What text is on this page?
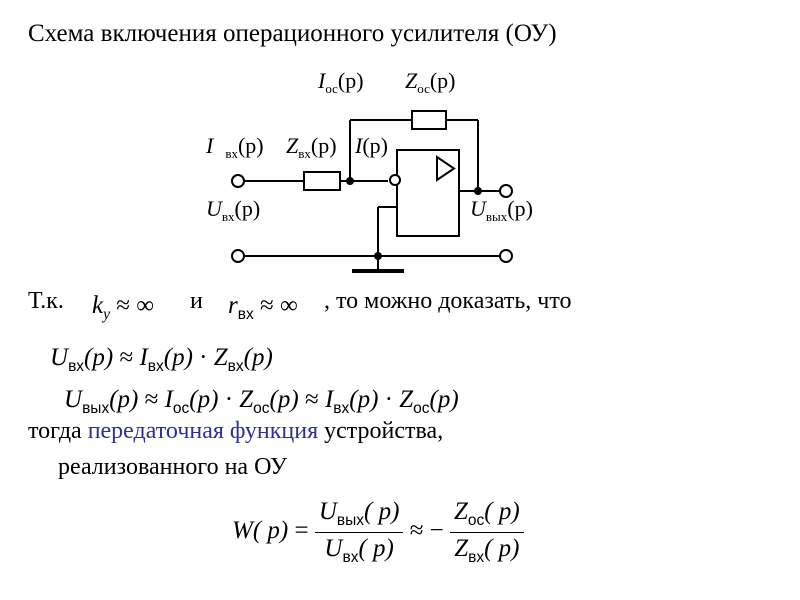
Схема включения операционного усилителя (ОУ)
$I_{ос}(p)$ $Z_{ос}(p)$
I $_{вх}$(p) $Z_{вх}(p)$ I(p)
$U_{вх}(p)$	$U_{вых}(p)$
Т.к. $k_y$ ≈ ∞ и $r_{вх}$ ≈ ∞ , то можно доказать, что
$U_{вх}(p) \approx I_{вх}(p) \cdot Z_{вх}(p)$
$U_{вых}(p) \approx I_{ос}(p) \cdot Z_{ос}(p) \approx I_{вх}(p) \cdot Z_{ос}(p)$
тогда передаточная функция устройства,
реализованного на ОУ
W( $p) = \frac{U_{вых}( p)}{U_{вх}( p)}$ ≈ − $\frac{Z_{ос}( p)}{Z_{вх}( p)}$
